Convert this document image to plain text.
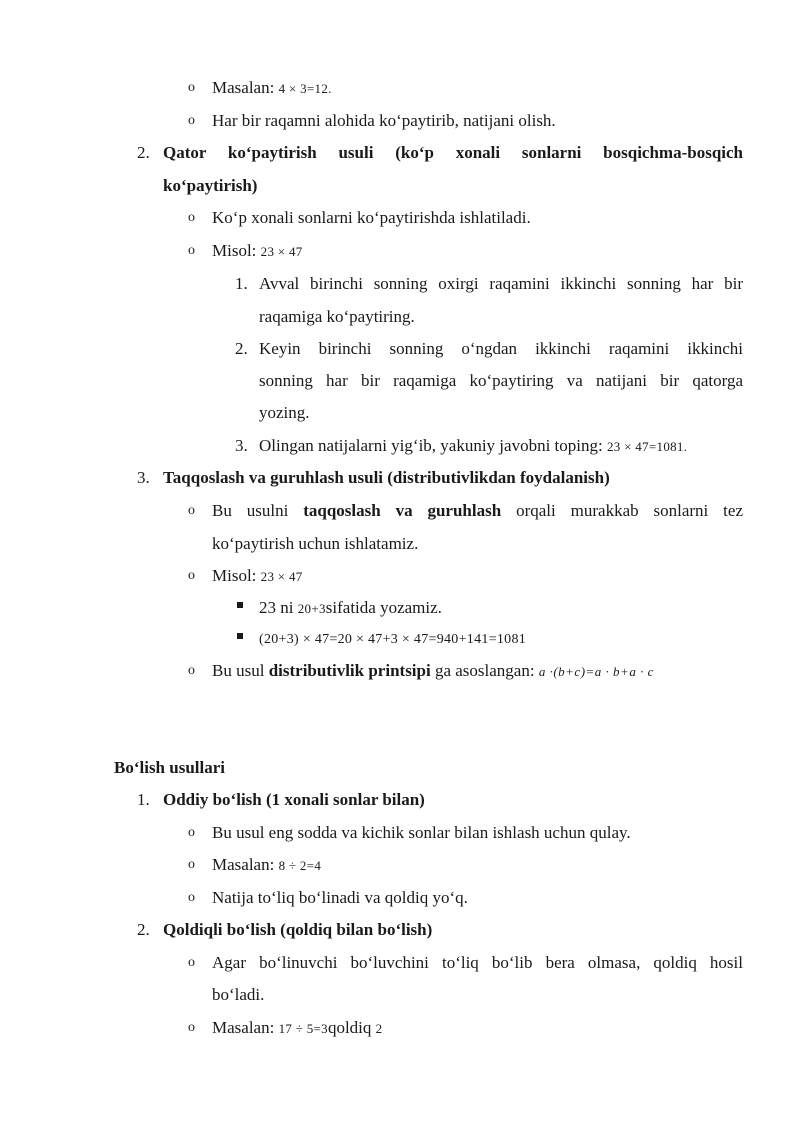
o Masalan: 4 × 3=12.
o Har bir raqamni alohida ko‘paytirib, natijani olish.
2. Qator ko‘paytirish usuli (ko‘p xonali sonlarni bosqichma-bosqich
ko‘paytirish)
o Ko‘p xonali sonlarni ko‘paytirishda ishlatiladi.
o Misol: 23 × 47
1. Avval birinchi sonning oxirgi raqamini ikkinchi sonning har bir
raqamiga ko‘paytiring.
2. Keyin birinchi sonning o‘ngdan ikkinchi raqamini ikkinchi
sonning har bir raqamiga ko‘paytiring va natijani bir qatorga
yozing.
3. Olingan natijalarni yig‘ib, yakuniy javobni toping: 23 × 47=1081.
3. Taqqoslash va guruhlash usuli (distributivlikdan foydalanish)
o Bu usulni taqqoslash va guruhlash orqali murakkab sonlarni tez
ko‘paytirish uchun ishlatamiz.
o Misol: 23 × 47
23 ni 20+3sifatida yozamiz.
(20+3) × 47=20 × 47+3 × 47=940+141=1081
o Bu usul distributivlik printsipi ga asoslangan: a ·(b+c)=a · b+a · c
Bo‘lish usullari
1. Oddiy bo‘lish (1 xonali sonlar bilan)
o Bu usul eng sodda va kichik sonlar bilan ishlash uchun qulay.
o Masalan: 8 ÷ 2=4
o Natija to‘liq bo‘linadi va qoldiq yo‘q.
2. Qoldiqli bo‘lish (qoldiq bilan bo‘lish)
o Agar bo‘linuvchi bo‘luvchini to‘liq bo‘lib bera olmasa, qoldiq hosil
bo‘ladi.
o Masalan: 17 ÷ 5=3qoldiq 2
